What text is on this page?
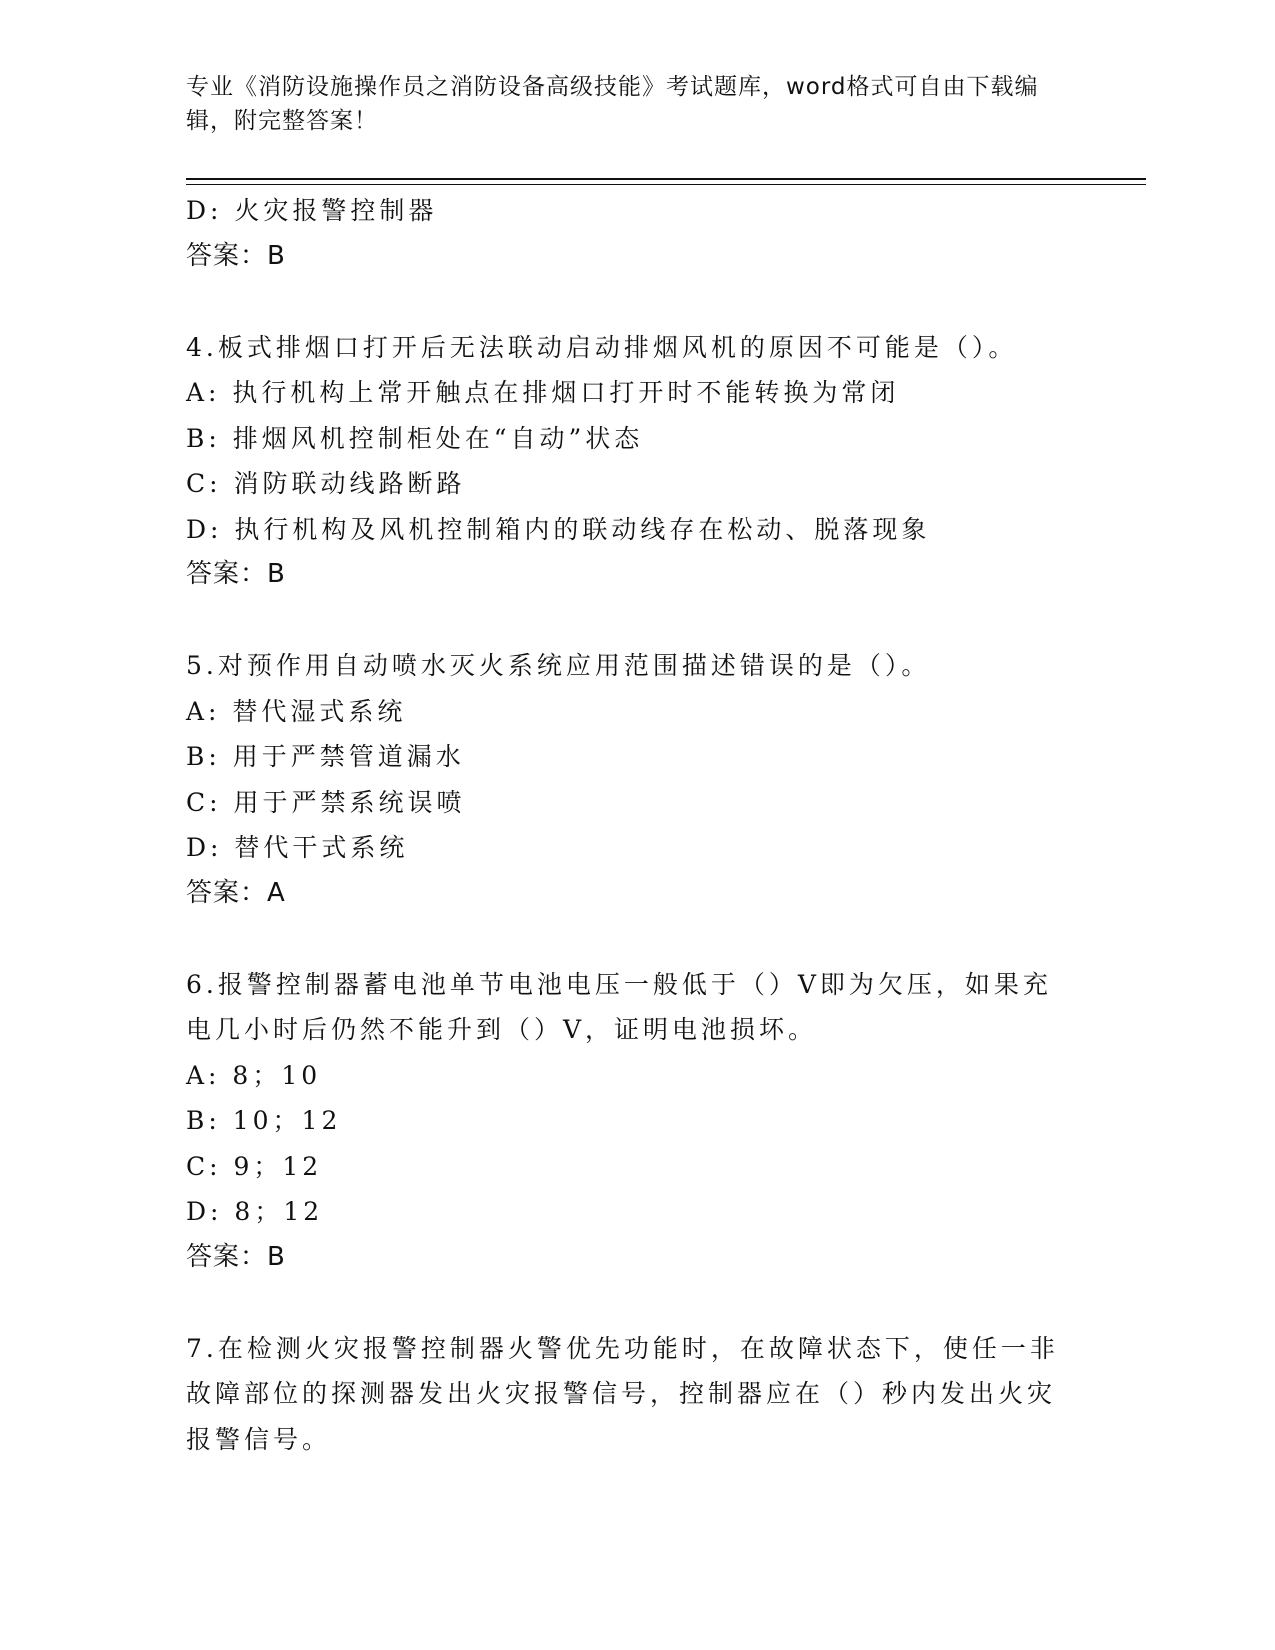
专业《消防设施操作员之消防设备高级技能》考试题库，word格式可自由下载编辑，附完整答案！
D: 火灾报警控制器
答案：B
4.板式排烟口打开后无法联动启动排烟风机的原因不可能是（）。
A: 执行机构上常开触点在排烟口打开时不能转换为常闭
B: 排烟风机控制柜处在“自动”状态
C: 消防联动线路断路
D: 执行机构及风机控制箱内的联动线存在松动、脱落现象
答案：B
5.对预作用自动喷水灭火系统应用范围描述错误的是（）。
A: 替代湿式系统
B: 用于严禁管道漏水
C: 用于严禁系统误喷
D: 替代干式系统
答案：A
6.报警控制器蓄电池单节电池电压一般低于（）V即为欠压，如果充电几小时后仍然不能升到（）V，证明电池损坏。
A: 8；10
B: 10；12
C: 9；12
D: 8；12
答案：B
7.在检测火灾报警控制器火警优先功能时，在故障状态下，使任一非故障部位的探测器发出火灾报警信号，控制器应在（）秒内发出火灾报警信号。
